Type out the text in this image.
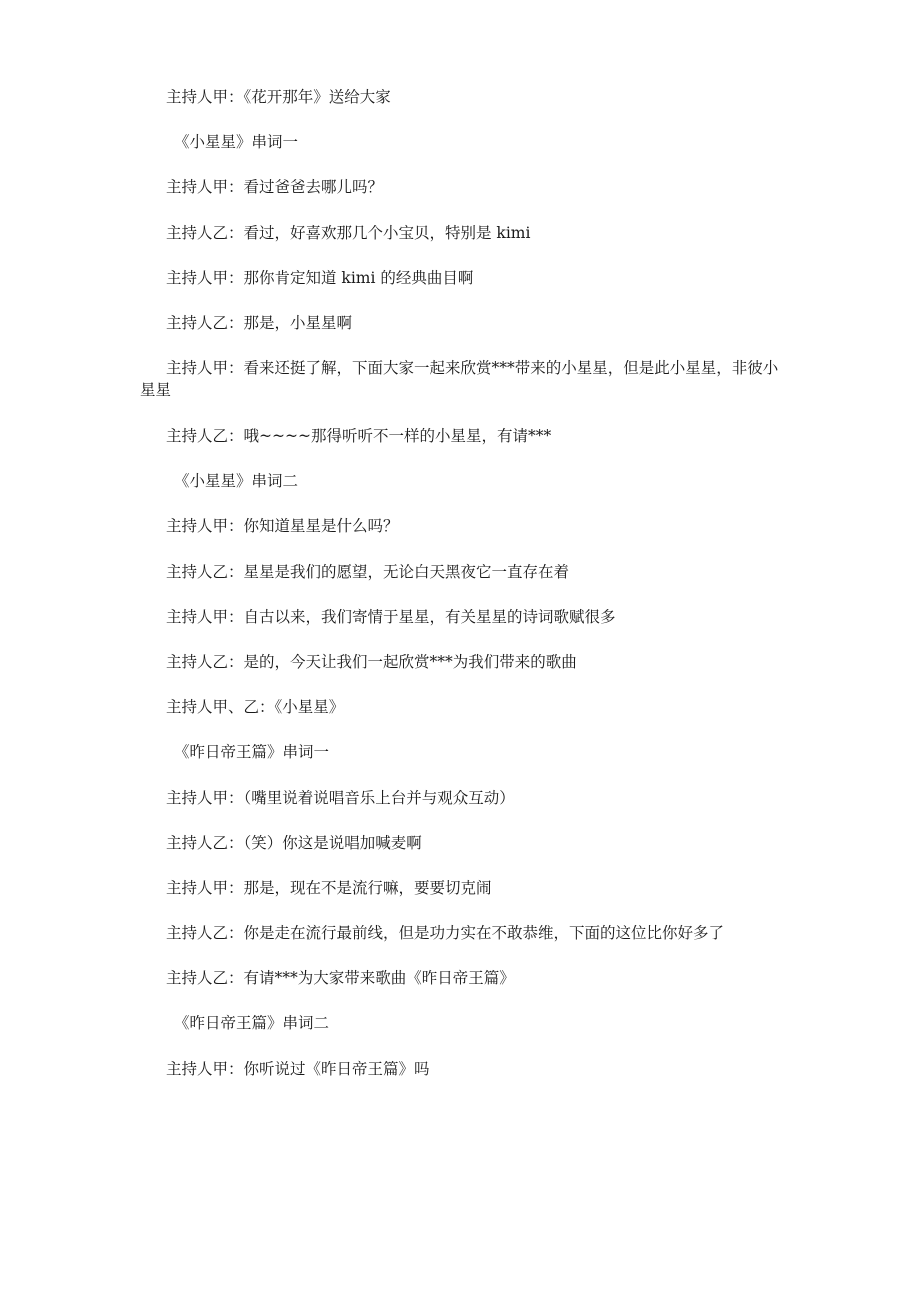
主持人甲：《花开那年》送给大家

《小星星》串词一

主持人甲：看过爸爸去哪儿吗？

主持人乙：看过，好喜欢那几个小宝贝，特别是 kimi

主持人甲：那你肯定知道 kimi 的经典曲目啊

主持人乙：那是，小星星啊

主持人甲：看来还挺了解，下面大家一起来欣赏***带来的小星星，但是此小星星，非彼小星星

主持人乙：哦~~~~那得听听不一样的小星星，有请***

《小星星》串词二

主持人甲：你知道星星是什么吗？

主持人乙：星星是我们的愿望，无论白天黑夜它一直存在着

主持人甲：自古以来，我们寄情于星星，有关星星的诗词歌赋很多

主持人乙：是的，今天让我们一起欣赏***为我们带来的歌曲

主持人甲、乙：《小星星》

《昨日帝王篇》串词一

主持人甲：（嘴里说着说唱音乐上台并与观众互动）

主持人乙：（笑）你这是说唱加喊麦啊

主持人甲：那是，现在不是流行嘛，要要切克闹

主持人乙：你是走在流行最前线，但是功力实在不敢恭维，下面的这位比你好多了

主持人乙：有请***为大家带来歌曲《昨日帝王篇》

《昨日帝王篇》串词二

主持人甲：你听说过《昨日帝王篇》吗
